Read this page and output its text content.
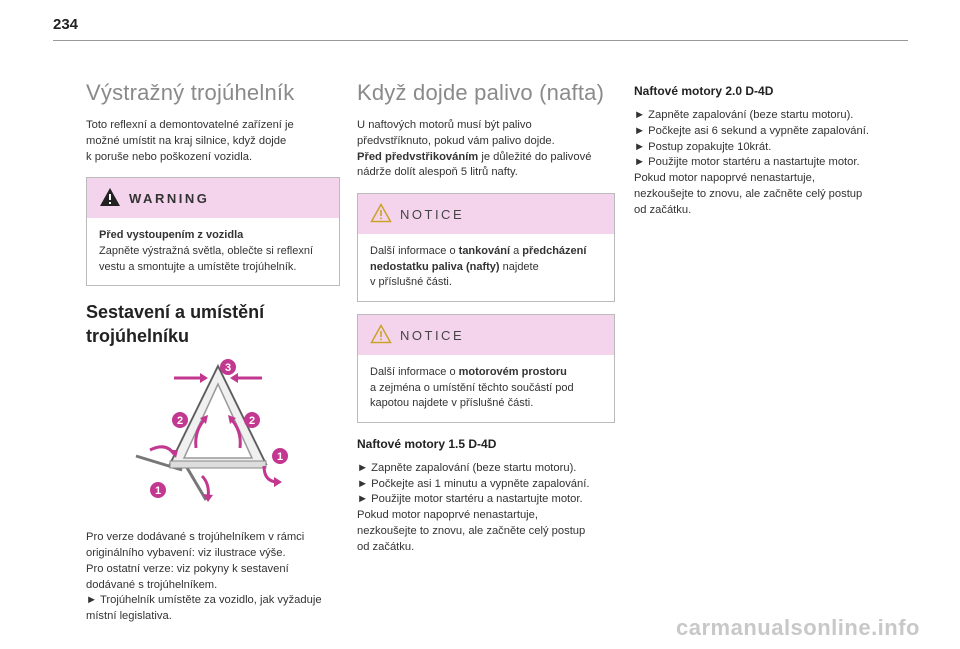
234
Výstražný trojúhelník

Toto reflexní a demontovatelné zařízení je
možné umístit na kraj silnice, když dojde
k poruše nebo poškození vozidla.

WARNING

Před vystoupením z vozidla
Zapněte výstražná světla, oblečte si reflexní
vestu a smontujte a umístěte trojúhelník.

Sestavení a umístění
trojúhelníku
3
2	2
1
1

Pro verze dodávané s trojúhelníkem v rámci
originálního vybavení: viz ilustrace výše.
Pro ostatní verze: viz pokyny k sestavení
dodávané s trojúhelníkem.
► Trojúhelník umístěte za vozidlo, jak vyžaduje
místní legislativa.

Když dojde palivo (nafta)

U naftových motorů musí být palivo
předvstříknuto, pokud vám palivo dojde.
Před předvstřikováním je důležité do palivové
nádrže dolít alespoň 5 litrů nafty.

NOTICE

Další informace o tankování a předcházení
nedostatku paliva (nafty) najdete
v příslušné části.

NOTICE

Další informace o motorovém prostoru
a zejména o umístění těchto součástí pod
kapotou najdete v příslušné části.

Naftové motory 1.5 D-4D

► Zapněte zapalování (beze startu motoru).
► Počkejte asi 1 minutu a vypněte zapalování.
► Použijte motor startéru a nastartujte motor.
Pokud motor napoprvé nenastartuje,
nezkoušejte to znovu, ale začněte celý postup
od začátku.

Naftové motory 2.0 D-4D

► Zapněte zapalování (beze startu motoru).
► Počkejte asi 6 sekund a vypněte zapalování.
► Postup zopakujte 10krát.
► Použijte motor startéru a nastartujte motor.
Pokud motor napoprvé nenastartuje,
nezkoušejte to znovu, ale začněte celý postup
od začátku.

carmanualsonline.info
